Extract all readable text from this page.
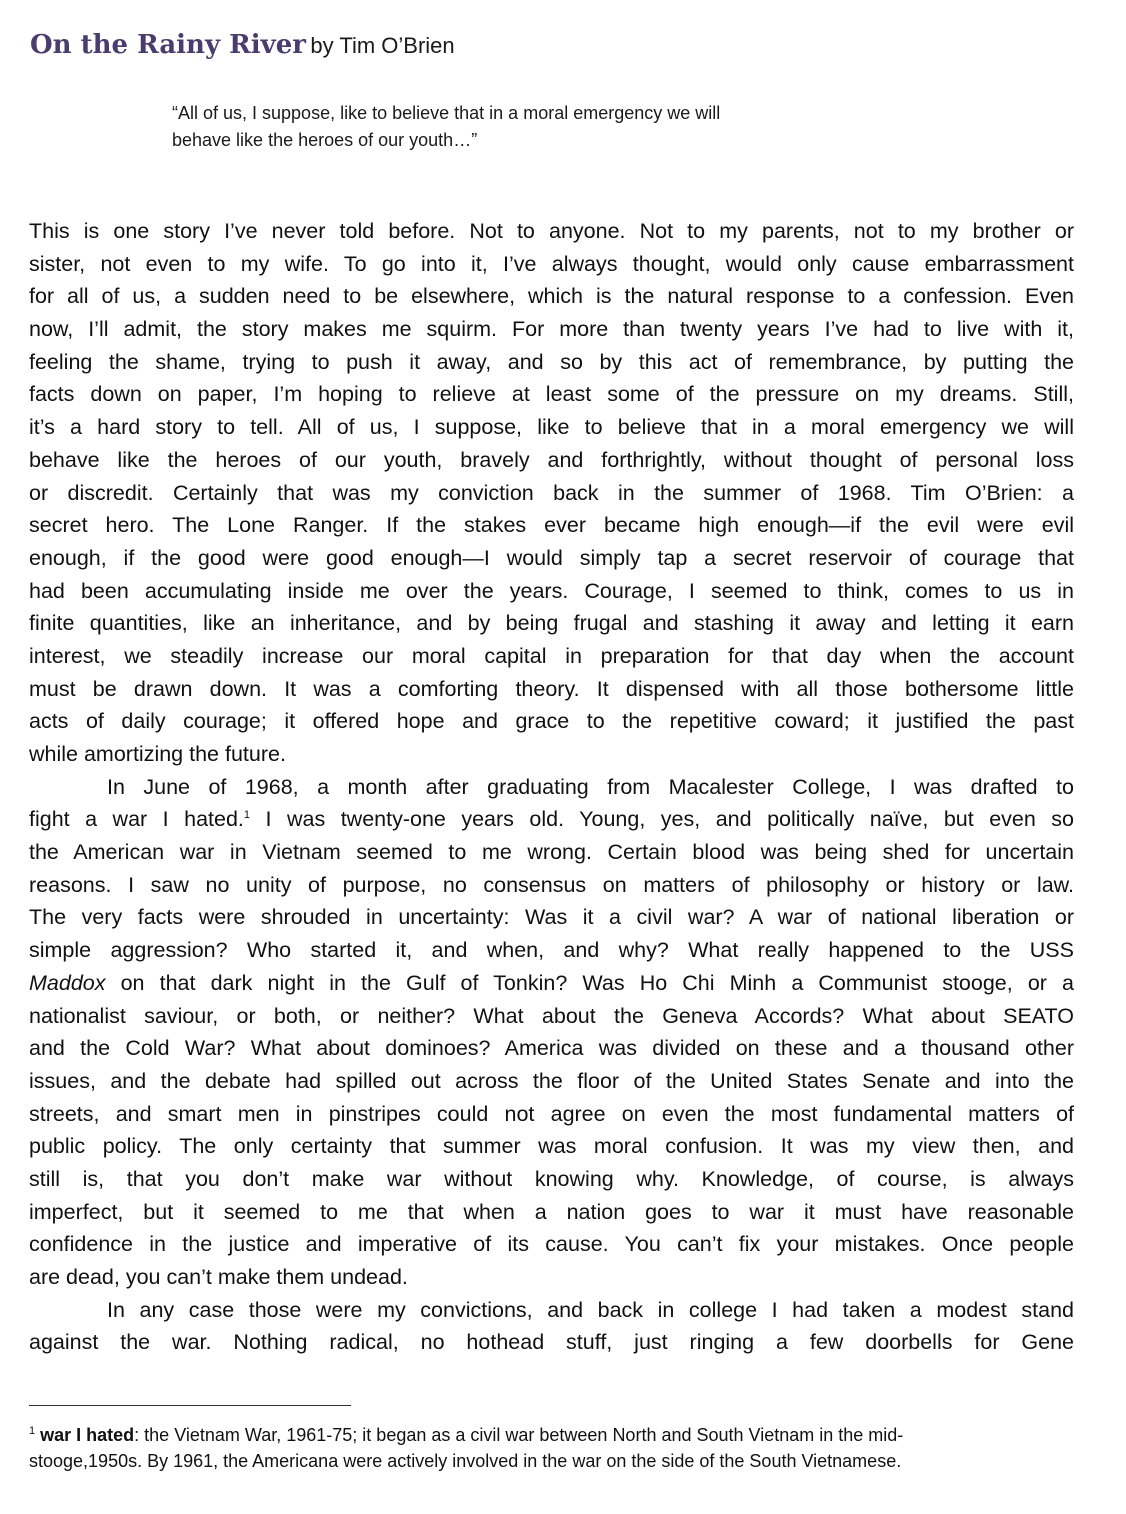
On the Rainy River by Tim O’Brien
“All of us, I suppose, like to believe that in a moral emergency we will
behave like the heroes of our youth…”
This is one story I’ve never told before. Not to anyone. Not to my parents, not to my brother or
sister, not even to my wife. To go into it, I’ve always thought, would only cause embarrassment
for all of us, a sudden need to be elsewhere, which is the natural response to a confession. Even
now, I’ll admit, the story makes me squirm. For more than twenty years I’ve had to live with it,
feeling the shame, trying to push it away, and so by this act of remembrance, by putting the
facts down on paper, I’m hoping to relieve at least some of the pressure on my dreams. Still,
it’s a hard story to tell. All of us, I suppose, like to believe that in a moral emergency we will
behave like the heroes of our youth, bravely and forthrightly, without thought of personal loss
or discredit. Certainly that was my conviction back in the summer of 1968. Tim O’Brien: a
secret hero. The Lone Ranger. If the stakes ever became high enough—if the evil were evil
enough, if the good were good enough—I would simply tap a secret reservoir of courage that
had been accumulating inside me over the years. Courage, I seemed to think, comes to us in
finite quantities, like an inheritance, and by being frugal and stashing it away and letting it earn
interest, we steadily increase our moral capital in preparation for that day when the account
must be drawn down. It was a comforting theory. It dispensed with all those bothersome little
acts of daily courage; it offered hope and grace to the repetitive coward; it justified the past
while amortizing the future.
In June of 1968, a month after graduating from Macalester College, I was drafted to
fight a war I hated.$^1$ I was twenty-one years old. Young, yes, and politically naïve, but even so
the American war in Vietnam seemed to me wrong. Certain blood was being shed for uncertain
reasons. I saw no unity of purpose, no consensus on matters of philosophy or history or law.
The very facts were shrouded in uncertainty: Was it a civil war? A war of national liberation or
simple aggression? Who started it, and when, and why? What really happened to the USS
Maddox on that dark night in the Gulf of Tonkin? Was Ho Chi Minh a Communist stooge, or a
nationalist saviour, or both, or neither? What about the Geneva Accords? What about SEATO
and the Cold War? What about dominoes? America was divided on these and a thousand other
issues, and the debate had spilled out across the floor of the United States Senate and into the
streets, and smart men in pinstripes could not agree on even the most fundamental matters of
public policy. The only certainty that summer was moral confusion. It was my view then, and
still is, that you don’t make war without knowing why. Knowledge, of course, is always
imperfect, but it seemed to me that when a nation goes to war it must have reasonable
confidence in the justice and imperative of its cause. You can’t fix your mistakes. Once people
are dead, you can’t make them undead.
In any case those were my convictions, and back in college I had taken a modest stand
against the war. Nothing radical, no hothead stuff, just ringing a few doorbells for Gene
$^1$ war I hated: the Vietnam War, 1961-75; it began as a civil war between North and South Vietnam in the mid-
stooge,1950s. By 1961, the Americana were actively involved in the war on the side of the South Vietnamese.
